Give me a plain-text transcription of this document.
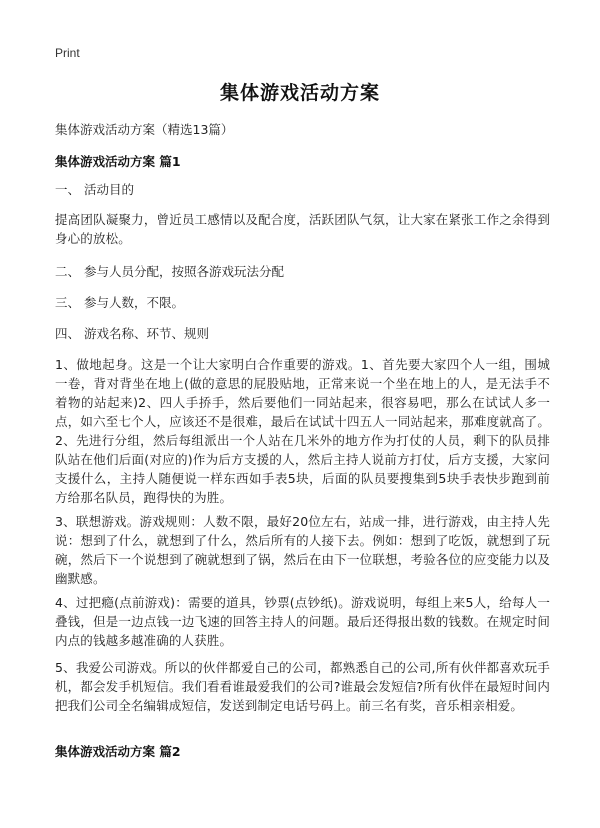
Print
集体游戏活动方案
集体游戏活动方案（精选13篇）
集体游戏活动方案 篇1
一、 活动目的
提高团队凝聚力，曾近员工感情以及配合度，活跃团队气氛，让大家在紧张工作之余得到身心的放松。
二、 参与人员分配，按照各游戏玩法分配
三、 参与人数，不限。
四、 游戏名称、环节、规则
1、做地起身。这是一个让大家明白合作重要的游戏。1、首先要大家四个人一组，围城一卷，背对背坐在地上(做的意思的屁股贴地，正常来说一个坐在地上的人，是无法手不着物的站起来)2、四人手挢手，然后要他们一同站起来，很容易吧，那么在试试人多一点，如六至七个人，应该还不是很难，最后在试试十四五人一同站起来，那难度就高了。 2、先进行分组，然后每组派出一个人站在几米外的地方作为打仗的人员，剩下的队员排队站在他们后面(对应的)作为后方支援的人，然后主持人说前方打仗，后方支援，大家问支援什么，主持人随便说一样东西如手表5块，后面的队员要搜集到5块手表快步跑到前方给那名队员，跑得快的为胜。
3、联想游戏。游戏规则：人数不限，最好20位左右，站成一排，进行游戏，由主持人先说：想到了什么，就想到了什么，然后所有的人接下去。例如：想到了吃饭，就想到了玩碗，然后下一个说想到了碗就想到了锅，然后在由下一位联想，考验各位的应变能力以及幽默感。
4、过把瘾(点前游戏)：需要的道具，钞票(点钞纸)。游戏说明，每组上来5人，给每人一叠钱，但是一边点钱一边飞速的回答主持人的问题。最后还得报出数的钱数。在规定时间内点的钱越多越准确的人获胜。
5、我爱公司游戏。所以的伙伴都爱自己的公司，都熟悉自己的公司,所有伙伴都喜欢玩手机，都会发手机短信。我们看看谁最爱我们的公司?谁最会发短信?所有伙伴在最短时间内把我们公司全名编辑成短信，发送到制定电话号码上。前三名有奖，音乐相亲相爱。
集体游戏活动方案 篇2
